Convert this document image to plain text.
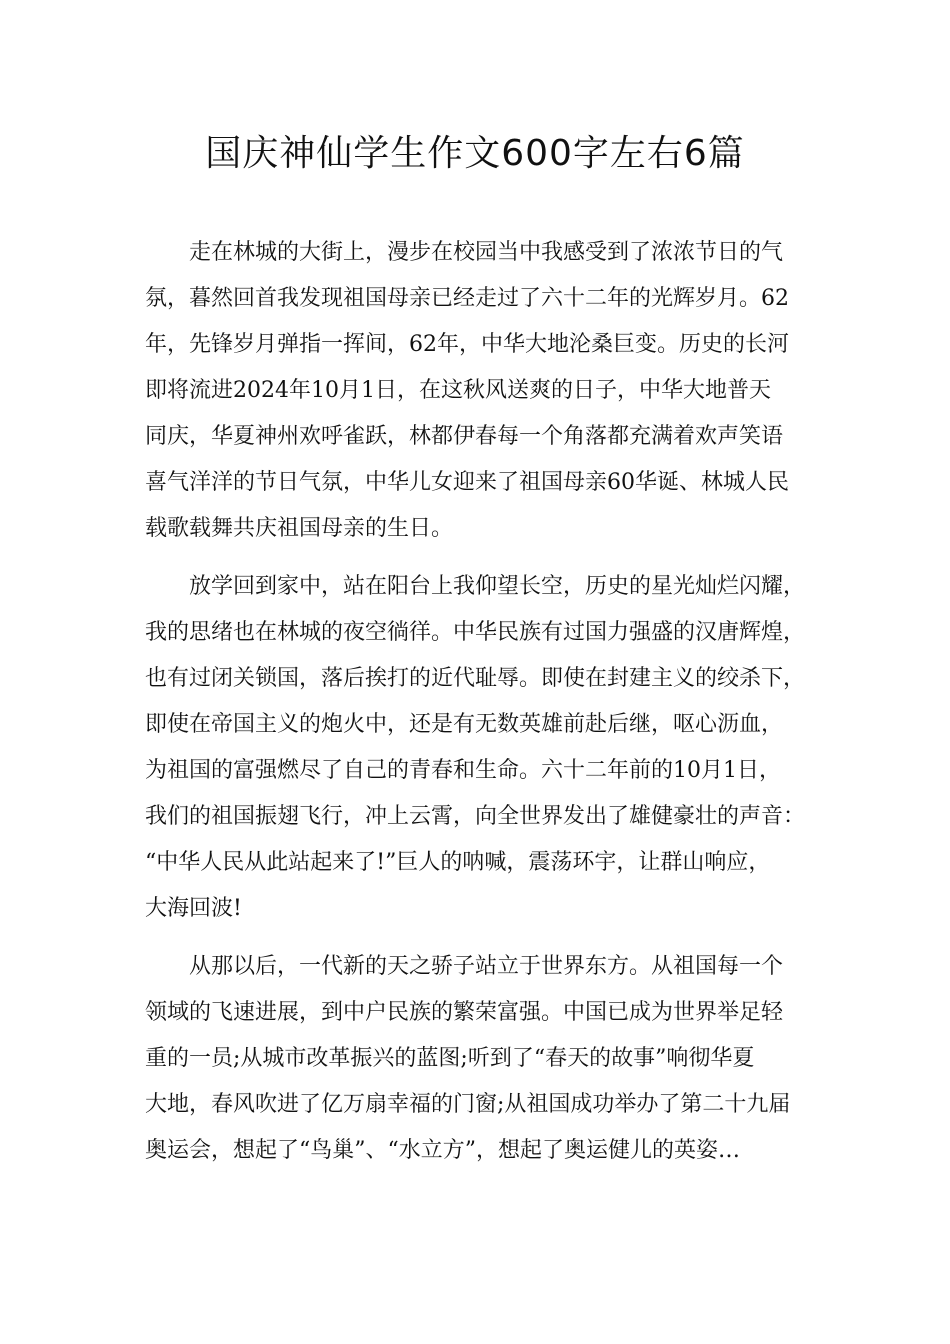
国庆神仙学生作文600字左右6篇
走在林城的大街上，漫步在校园当中我感受到了浓浓节日的气
氛，暮然回首我发现祖国母亲已经走过了六十二年的光辉岁月。62
年，先锋岁月弹指一挥间，62年，中华大地沦桑巨变。历史的长河
即将流进2024年10月1日，在这秋风送爽的日子，中华大地普天
同庆，华夏神州欢呼雀跃，林都伊春每一个角落都充满着欢声笑语
喜气洋洋的节日气氛，中华儿女迎来了祖国母亲60华诞、林城人民
载歌载舞共庆祖国母亲的生日。
放学回到家中，站在阳台上我仰望长空，历史的星光灿烂闪耀，
我的思绪也在林城的夜空徜徉。中华民族有过国力强盛的汉唐辉煌，
也有过闭关锁国，落后挨打的近代耻辱。即使在封建主义的绞杀下，
即使在帝国主义的炮火中，还是有无数英雄前赴后继，呕心沥血，
为祖国的富强燃尽了自己的青春和生命。六十二年前的10月1日，
我们的祖国振翅飞行，冲上云霄，向全世界发出了雄健豪壮的声音：
“中华人民从此站起来了!”巨人的呐喊，震荡环宇，让群山响应，
大海回波!
从那以后，一代新的天之骄子站立于世界东方。从祖国每一个
领域的飞速进展，到中户民族的繁荣富强。中国已成为世界举足轻
重的一员;从城市改革振兴的蓝图;听到了“春天的故事”响彻华夏
大地，春风吹进了亿万扇幸福的门窗;从祖国成功举办了第二十九届
奥运会，想起了“鸟巢”、“水立方”，想起了奥运健儿的英姿…
